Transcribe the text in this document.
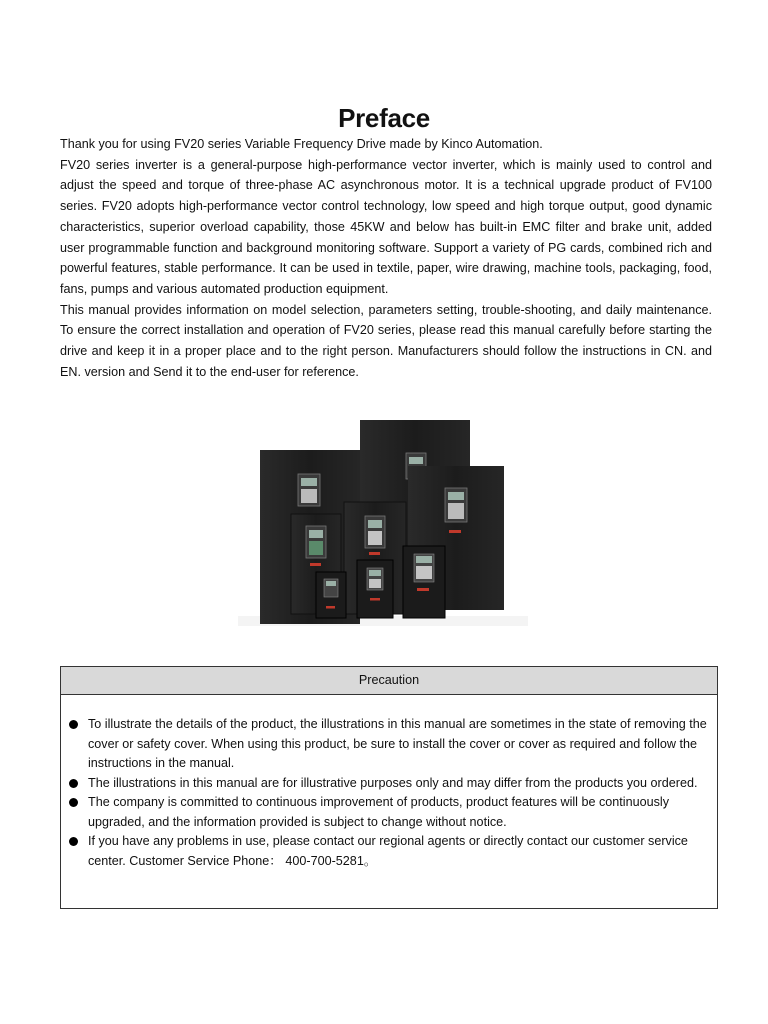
Preface

Thank you for using FV20 series Variable Frequency Drive made by Kinco Automation.

FV20 series inverter is a general-purpose high-performance vector inverter, which is mainly used to control and adjust the speed and torque of three-phase AC asynchronous motor. It is a technical upgrade product of FV100 series. FV20 adopts high-performance vector control technology, low speed and high torque output, good dynamic characteristics, superior overload capability, those 45KW and below has built-in EMC filter and brake unit, added user programmable function and background monitoring software. Support a variety of PG cards, combined rich and powerful features, stable performance. It can be used in textile, paper, wire drawing, machine tools, packaging, food, fans, pumps and various automated production equipment.

This manual provides information on model selection, parameters setting, trouble-shooting, and daily maintenance. To ensure the correct installation and operation of FV20 series, please read this manual carefully before starting the drive and keep it in a proper place and to the right person. Manufacturers should follow the instructions in CN. and EN. version and Send it to the end-user for reference.

Precaution
To illustrate the details of the product, the illustrations in this manual are sometimes in the state of removing the cover or safety cover. When using this product, be sure to install the cover or cover as required and follow the instructions in the manual.
The illustrations in this manual are for illustrative purposes only and may differ from the products you ordered.
The company is committed to continuous improvement of products, product features will be continuously upgraded, and the information provided is subject to change without notice.
If you have any problems in use, please contact our regional agents or directly contact our customer service center. Customer Service Phone： 400-700-5281。
